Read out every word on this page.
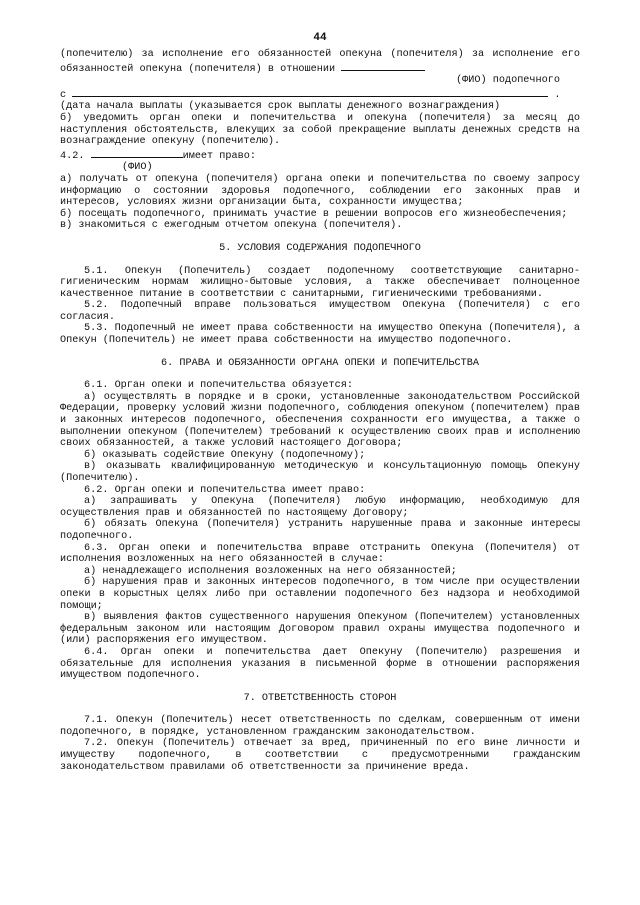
44

(попечителю) за исполнение его обязанностей опекуна (попечителя) за исполнение его

обязанностей опекуна (попечителя) в отношении

(ФИО) подопечного

с	.

(дата начала выплаты (указывается срок выплаты денежного вознаграждения)

б) уведомить орган опеки и попечительства и опекуна (попечителя) за месяц до наступления обстоятельств, влекущих за собой прекращение выплаты денежных средств на вознаграждение опекуну (попечителю).

4.2.	имеет право:

(ФИО)

а) получать от опекуна (попечителя) органа опеки и попечительства по своему запросу информацию о состоянии здоровья подопечного, соблюдении его законных прав и интересов, условиях жизни организации быта, сохранности имущества;

б) посещать подопечного, принимать участие в решении вопросов его жизнеобеспечения;

в) знакомиться с ежегодным отчетом опекуна (попечителя).

5. УСЛОВИЯ СОДЕРЖАНИЯ ПОДОПЕЧНОГО

5.1. Опекун (Попечитель) создает подопечному соответствующие санитарно-гигиеническим нормам жилищно-бытовые условия, а также обеспечивает полноценное качественное питание в соответствии с санитарными, гигиеническими требованиями.

5.2. Подопечный вправе пользоваться имуществом Опекуна (Попечителя) с его согласия.

5.3. Подопечный не имеет права собственности на имущество Опекуна (Попечителя), а Опекун (Попечитель) не имеет права собственности на имущество подопечного.

6. ПРАВА И ОБЯЗАННОСТИ ОРГАНА ОПЕКИ И ПОПЕЧИТЕЛЬСТВА

6.1. Орган опеки и попечительства обязуется:

а) осуществлять в порядке и в сроки, установленные законодательством Российской Федерации, проверку условий жизни подопечного, соблюдения опекуном (попечителем) прав и законных интересов подопечного, обеспечения сохранности его имущества, а также о выполнении опекуном (Попечителем) требований к осуществлению своих прав и исполнению своих обязанностей, а также условий настоящего Договора;

б) оказывать содействие Опекуну (подопечному);

в) оказывать квалифицированную методическую и консультационную помощь Опекуну (Попечителю).

6.2. Орган опеки и попечительства имеет право:

а) запрашивать у Опекуна (Попечителя) любую информацию, необходимую для осуществления прав и обязанностей по настоящему Договору;

б) обязать Опекуна (Попечителя) устранить нарушенные права и законные интересы подопечного.

6.3. Орган опеки и попечительства вправе отстранить Опекуна (Попечителя) от исполнения возложенных на него обязанностей в случае:

а) ненадлежащего исполнения возложенных на него обязанностей;

б) нарушения прав и законных интересов подопечного, в том числе при осуществлении опеки в корыстных целях либо при оставлении подопечного без надзора и необходимой помощи;

в) выявления фактов существенного нарушения Опекуном (Попечителем) установленных федеральным законом или настоящим Договором правил охраны имущества подопечного и (или) распоряжения его имуществом.

6.4. Орган опеки и попечительства дает Опекуну (Попечителю) разрешения и обязательные для исполнения указания в письменной форме в отношении распоряжения имуществом подопечного.

7. ОТВЕТСТВЕННОСТЬ СТОРОН

7.1. Опекун (Попечитель) несет ответственность по сделкам, совершенным от имени подопечного, в порядке, установленном гражданским законодательством.

7.2. Опекун (Попечитель) отвечает за вред, причиненный по его вине личности и имуществу подопечного, в соответствии с предусмотренными гражданским законодательством правилами об ответственности за причинение вреда.
